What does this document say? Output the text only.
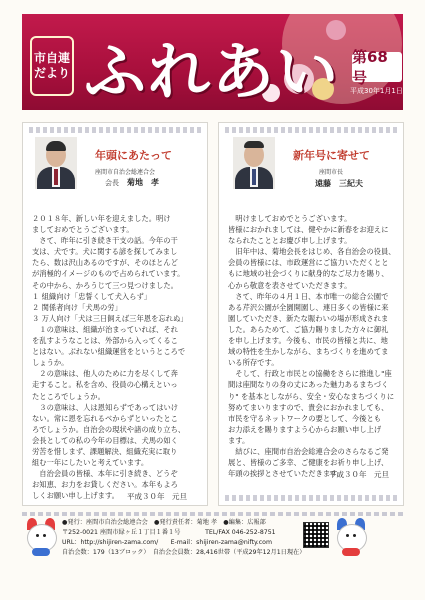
市自連
だより ふれあい 第68号
平成30年1月1日
年頭にあたって
座間市自治会総連合会
会長 菊地　孝

２０１８年、新しい年を迎えました。明け

ましておめでとうございます。

　さて、昨年に引き続き干支の話。今年の干

支は、犬です。犬に関する諺を探してみまし

たら、数は沢山あるのですが、そのほとんど

が消極的イメージのもので占められています。

その中から、かろうじて三つ見つけました。

１ 組織向け「忠誓くして犬入らず」

２ 関係者向け「犬馬の労」

３ 万人向け「犬は三日飼えば三年恩を忘れぬ」

　１の意味は、組織が治まっていれば、それ

を乱すようなことは、外部から入ってくるこ

とはない。ぶれない組織運営をというところで

しょうか。

　２の意味は、他人のために力を尽くして奔

走すること。私を含め、役員の心構えといっ

たところでしょうか。

　３の意味は、人は恩知らずであってはいけ

ない。常に恩を忘れるべからずといったとこ

ろでしょうか。自治会の現状や諸の成り立ち、

会長としての私の今年の目標は、犬馬の如く

労苦を惜しまず、課題解決、組織充実に取り

組む一年にしたいと考えています。

　自治会員の皆様、本年に引き続き、どうぞ

お知恵、お力をお貸しください。本年もよろ

しくお願い申し上げます。	平成３０年　元旦
新年号に寄せて
座間市長
遠藤　三紀夫

　明けましておめでとうございます。

皆様におかれましては、健やかに新春をお迎えに

なられたこととお慶び申し上げます。

　旧年中は、菊地会長をはじめ、各自治会の役員、

会員の皆様には、市政運営にご協力いただくとと

もに地域の社会づくりに献身的なご尽力を賜り、

心から敬意を表させていただきます。

　さて、昨年の４月１日、本市唯一の総合公園で

ある芹沢公園が全園開園し、連日多くの皆様に来

園していただき、新たな賑わいの場が形成されま

した。あらためて、ご協力賜りました方々に御礼

を申し上げます。今後も、市民の皆様と共に、地

域の特性を生かしながら、まちづくりを進めてま

いる所存です。

　そして、行政と市民との協働をさらに推進し"座

間は座間なりの身の丈にあった魅力あるまちづく

り" を基本としながら、安全・安心なまちづくりに

努めてまいりますので、貴会におかれましても、

市民を守るネットワークの要として、今後とも

お力添えを賜りますよう心からお願い申し上げ

ます。

　結びに、座間市自治会総連合会のさらなるご発

展と、皆様のご多幸、ご健康をお祈り申し上げ、

年頭の挨拶とさせていただきます。

平成３０年　元旦
●発行：座間市自治会総連合会　●発行責任者：菊地 孝　●編集：広報部
〒252-0021 座間市緑ヶ丘１丁目１番１号　　　　TEL/FAX 046-252-8751
URL：http://shijiren-zama.com/　　E-mail：shijiren-zama@nifty.com
自治会数：179（13ブロック）　自治会会員数：28,416世帯（平成29年12月1日現在）
